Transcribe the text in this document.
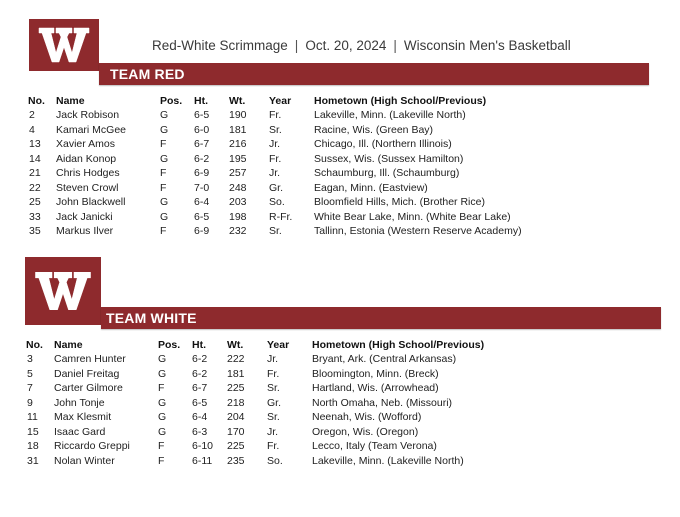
Red-White Scrimmage | Oct. 20, 2024 | Wisconsin Men's Basketball
TEAM RED
No.	Name	Pos.	Ht.	Wt.	Year	Hometown (High School/Previous)
2	Jack Robison	G	6-5	190	Fr.	Lakeville, Minn. (Lakeville North)
4	Kamari McGee	G	6-0	181	Sr.	Racine, Wis. (Green Bay)
13	Xavier Amos	F	6-7	216	Jr.	Chicago, Ill. (Northern Illinois)
14	Aidan Konop	G	6-2	195	Fr.	Sussex, Wis. (Sussex Hamilton)
21	Chris Hodges	F	6-9	257	Jr.	Schaumburg, Ill. (Schaumburg)
22	Steven Crowl	F	7-0	248	Gr.	Eagan, Minn. (Eastview)
25	John Blackwell	G	6-4	203	So.	Bloomfield Hills, Mich. (Brother Rice)
33	Jack Janicki	G	6-5	198	R-Fr.	White Bear Lake, Minn. (White Bear Lake)
35	Markus Ilver	F	6-9	232	Sr.	Tallinn, Estonia (Western Reserve Academy)
TEAM WHITE
No.	Name	Pos.	Ht.	Wt.	Year	Hometown (High School/Previous)
3	Camren Hunter	G	6-2	222	Jr.	Bryant, Ark. (Central Arkansas)
5	Daniel Freitag	G	6-2	181	Fr.	Bloomington, Minn. (Breck)
7	Carter Gilmore	F	6-7	225	Sr.	Hartland, Wis. (Arrowhead)
9	John Tonje	G	6-5	218	Gr.	North Omaha, Neb. (Missouri)
11	Max Klesmit	G	6-4	204	Sr.	Neenah, Wis. (Wofford)
15	Isaac Gard	G	6-3	170	Jr.	Oregon, Wis. (Oregon)
18	Riccardo Greppi	F	6-10	225	Fr.	Lecco, Italy (Team Verona)
31	Nolan Winter	F	6-11	235	So.	Lakeville, Minn. (Lakeville North)
